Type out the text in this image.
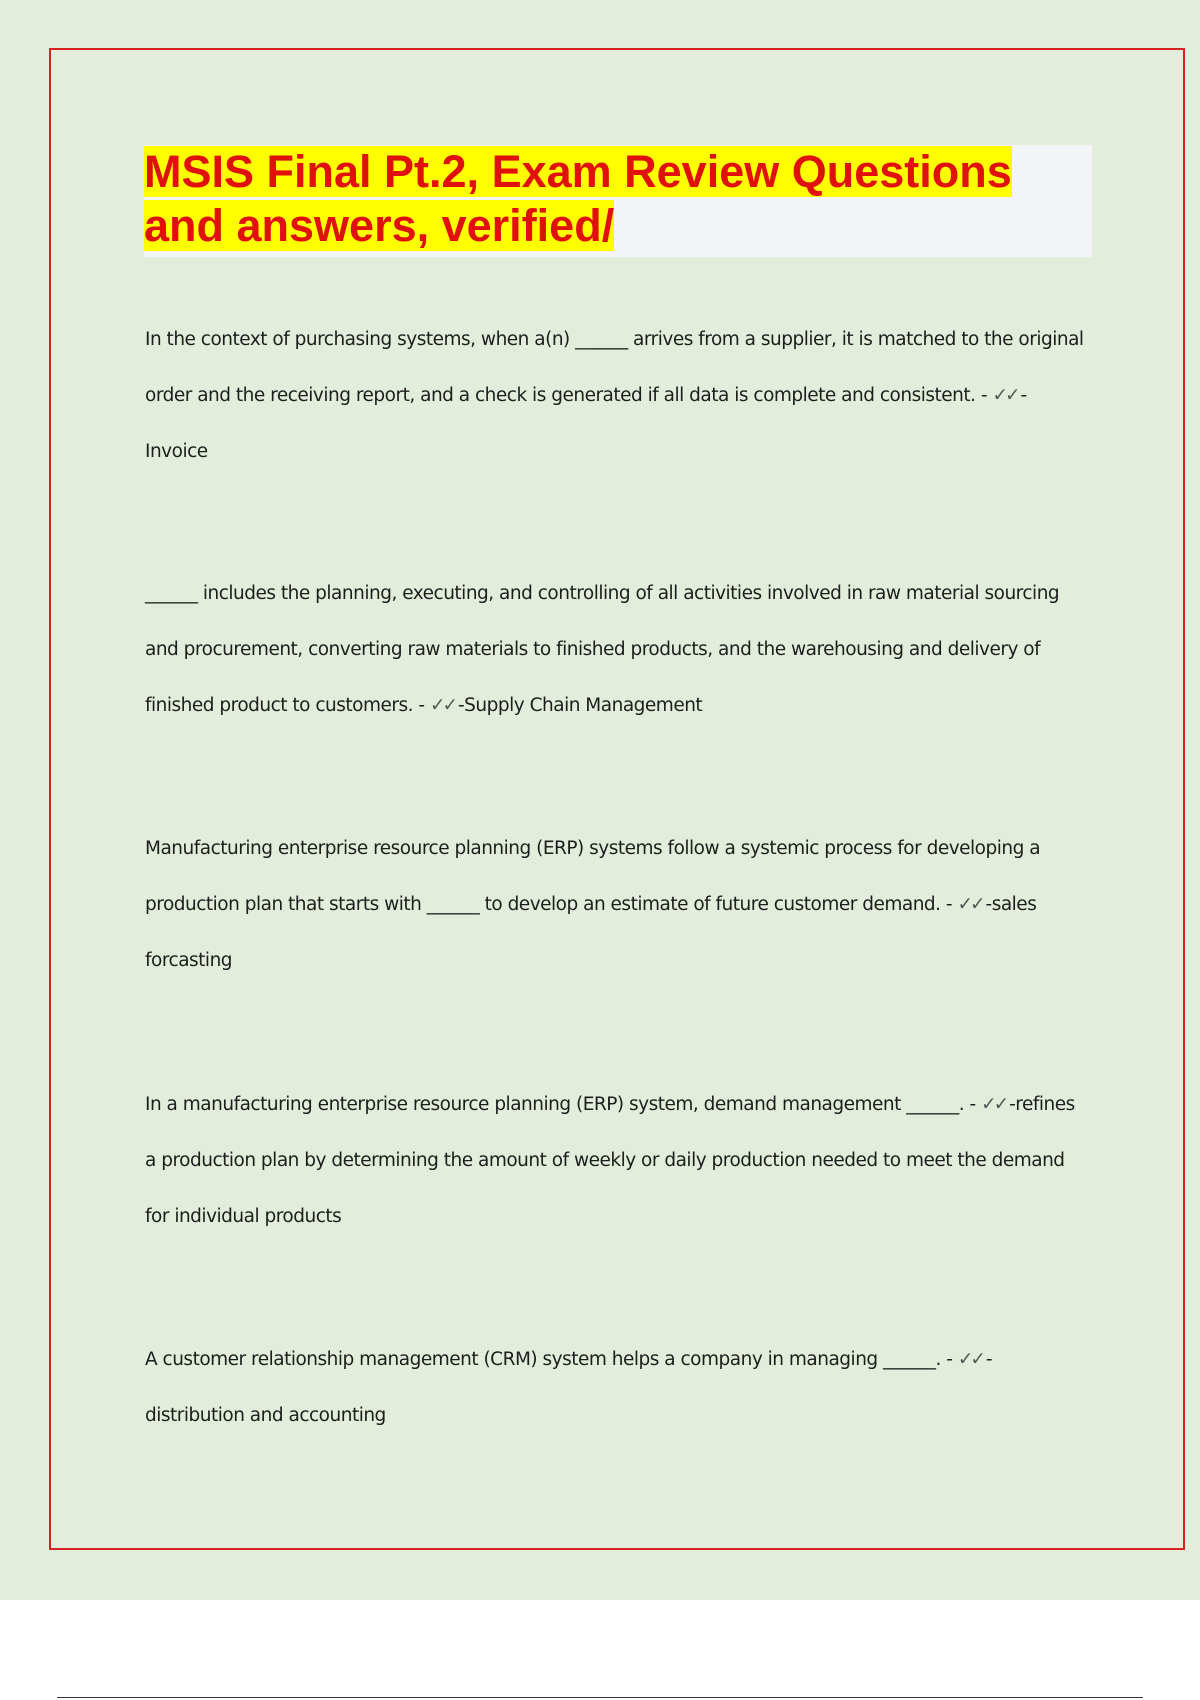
MSIS Final Pt.2, Exam Review Questions and answers, verified/

In the context of purchasing systems, when a(n) ______ arrives from a supplier, it is matched to the original order and the receiving report, and a check is generated if all data is complete and consistent. - ✓✓ -Invoice

______ includes the planning, executing, and controlling of all activities involved in raw material sourcing and procurement, converting raw materials to finished products, and the warehousing and delivery of finished product to customers. - ✓✓ -Supply Chain Management

Manufacturing enterprise resource planning (ERP) systems follow a systemic process for developing a production plan that starts with ______ to develop an estimate of future customer demand. - ✓✓ -sales forcasting

In a manufacturing enterprise resource planning (ERP) system, demand management ______. - ✓✓ -refines a production plan by determining the amount of weekly or daily production needed to meet the demand for individual products

A customer relationship management (CRM) system helps a company in managing ______. - ✓✓ -distribution and accounting
